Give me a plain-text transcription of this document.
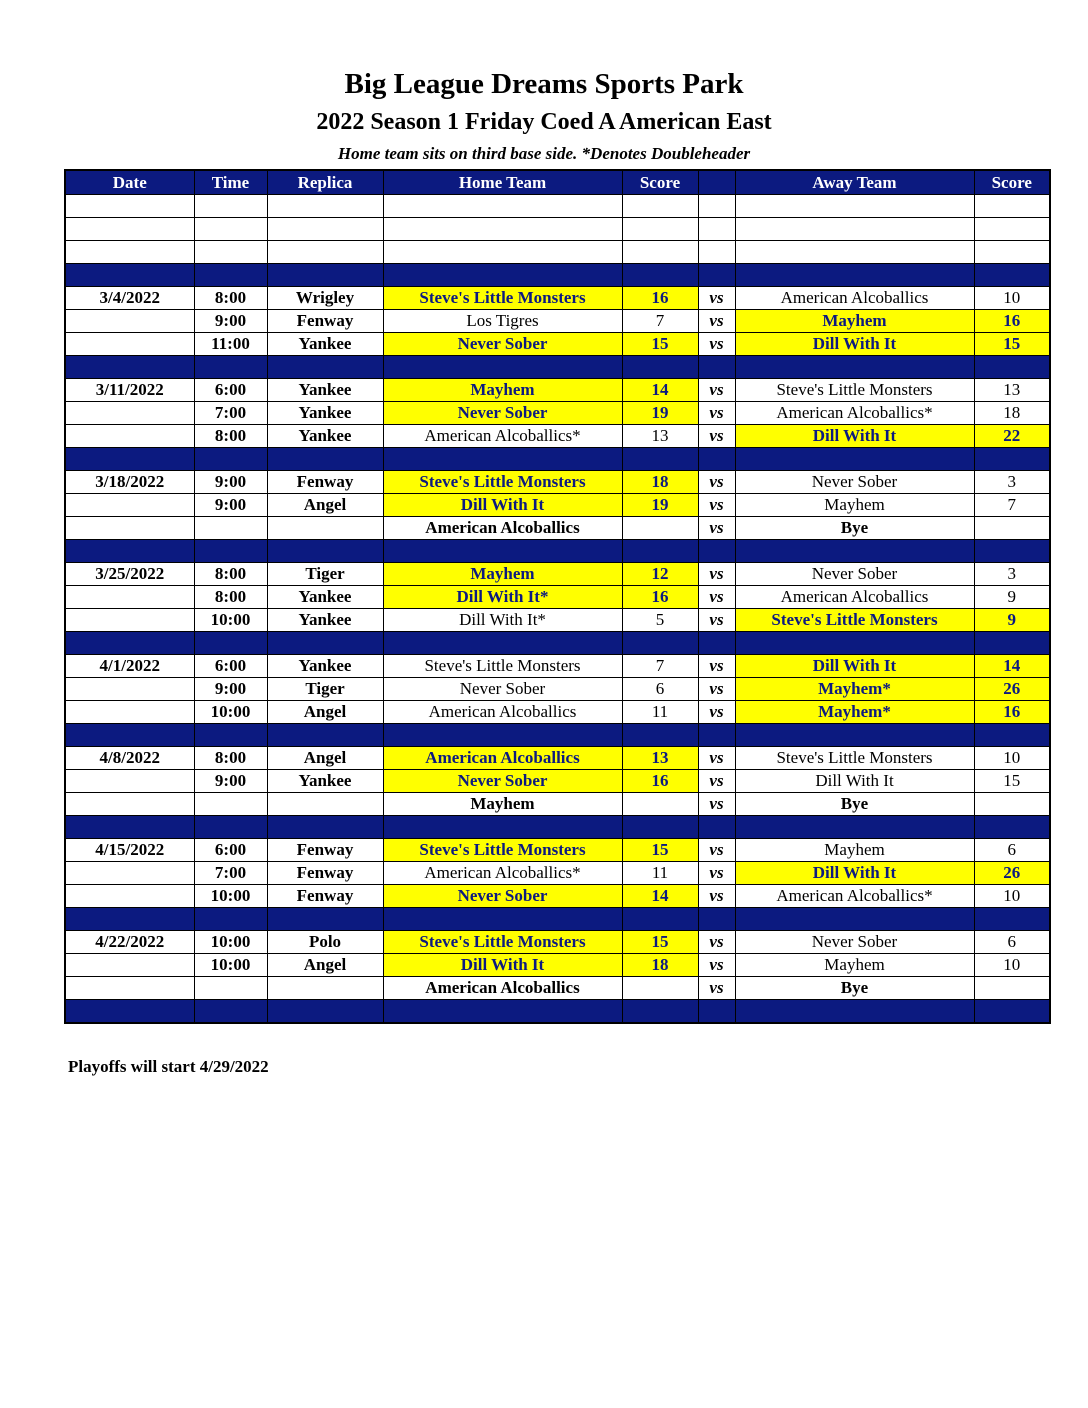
Big League Dreams Sports Park
2022 Season 1 Friday Coed A American East
Home team sits on third base side. *Denotes Doubleheader
Date	Time	Replica	Home Team	Score		Away Team	Score

3/4/2022	8:00	Wrigley	Steve's Little Monsters	16	vs	American Alcoballics	10
	9:00	Fenway	Los Tigres	7	vs	Mayhem	16
	11:00	Yankee	Never Sober	15	vs	Dill With It	15

3/11/2022	6:00	Yankee	Mayhem	14	vs	Steve's Little Monsters	13
	7:00	Yankee	Never Sober	19	vs	American Alcoballics*	18
	8:00	Yankee	American Alcoballics*	13	vs	Dill With It	22

3/18/2022	9:00	Fenway	Steve's Little Monsters	18	vs	Never Sober	3
	9:00	Angel	Dill With It	19	vs	Mayhem	7
			American Alcoballics		vs	Bye	

3/25/2022	8:00	Tiger	Mayhem	12	vs	Never Sober	3
	8:00	Yankee	Dill With It*	16	vs	American Alcoballics	9
	10:00	Yankee	Dill With It*	5	vs	Steve's Little Monsters	9

4/1/2022	6:00	Yankee	Steve's Little Monsters	7	vs	Dill With It	14
	9:00	Tiger	Never Sober	6	vs	Mayhem*	26
	10:00	Angel	American Alcoballics	11	vs	Mayhem*	16

4/8/2022	8:00	Angel	American Alcoballics	13	vs	Steve's Little Monsters	10
	9:00	Yankee	Never Sober	16	vs	Dill With It	15
			Mayhem		vs	Bye	

4/15/2022	6:00	Fenway	Steve's Little Monsters	15	vs	Mayhem	6
	7:00	Fenway	American Alcoballics*	11	vs	Dill With It	26
	10:00	Fenway	Never Sober	14	vs	American Alcoballics*	10

4/22/2022	10:00	Polo	Steve's Little Monsters	15	vs	Never Sober	6
	10:00	Angel	Dill With It	18	vs	Mayhem	10
			American Alcoballics		vs	Bye	

Playoffs will start 4/29/2022
